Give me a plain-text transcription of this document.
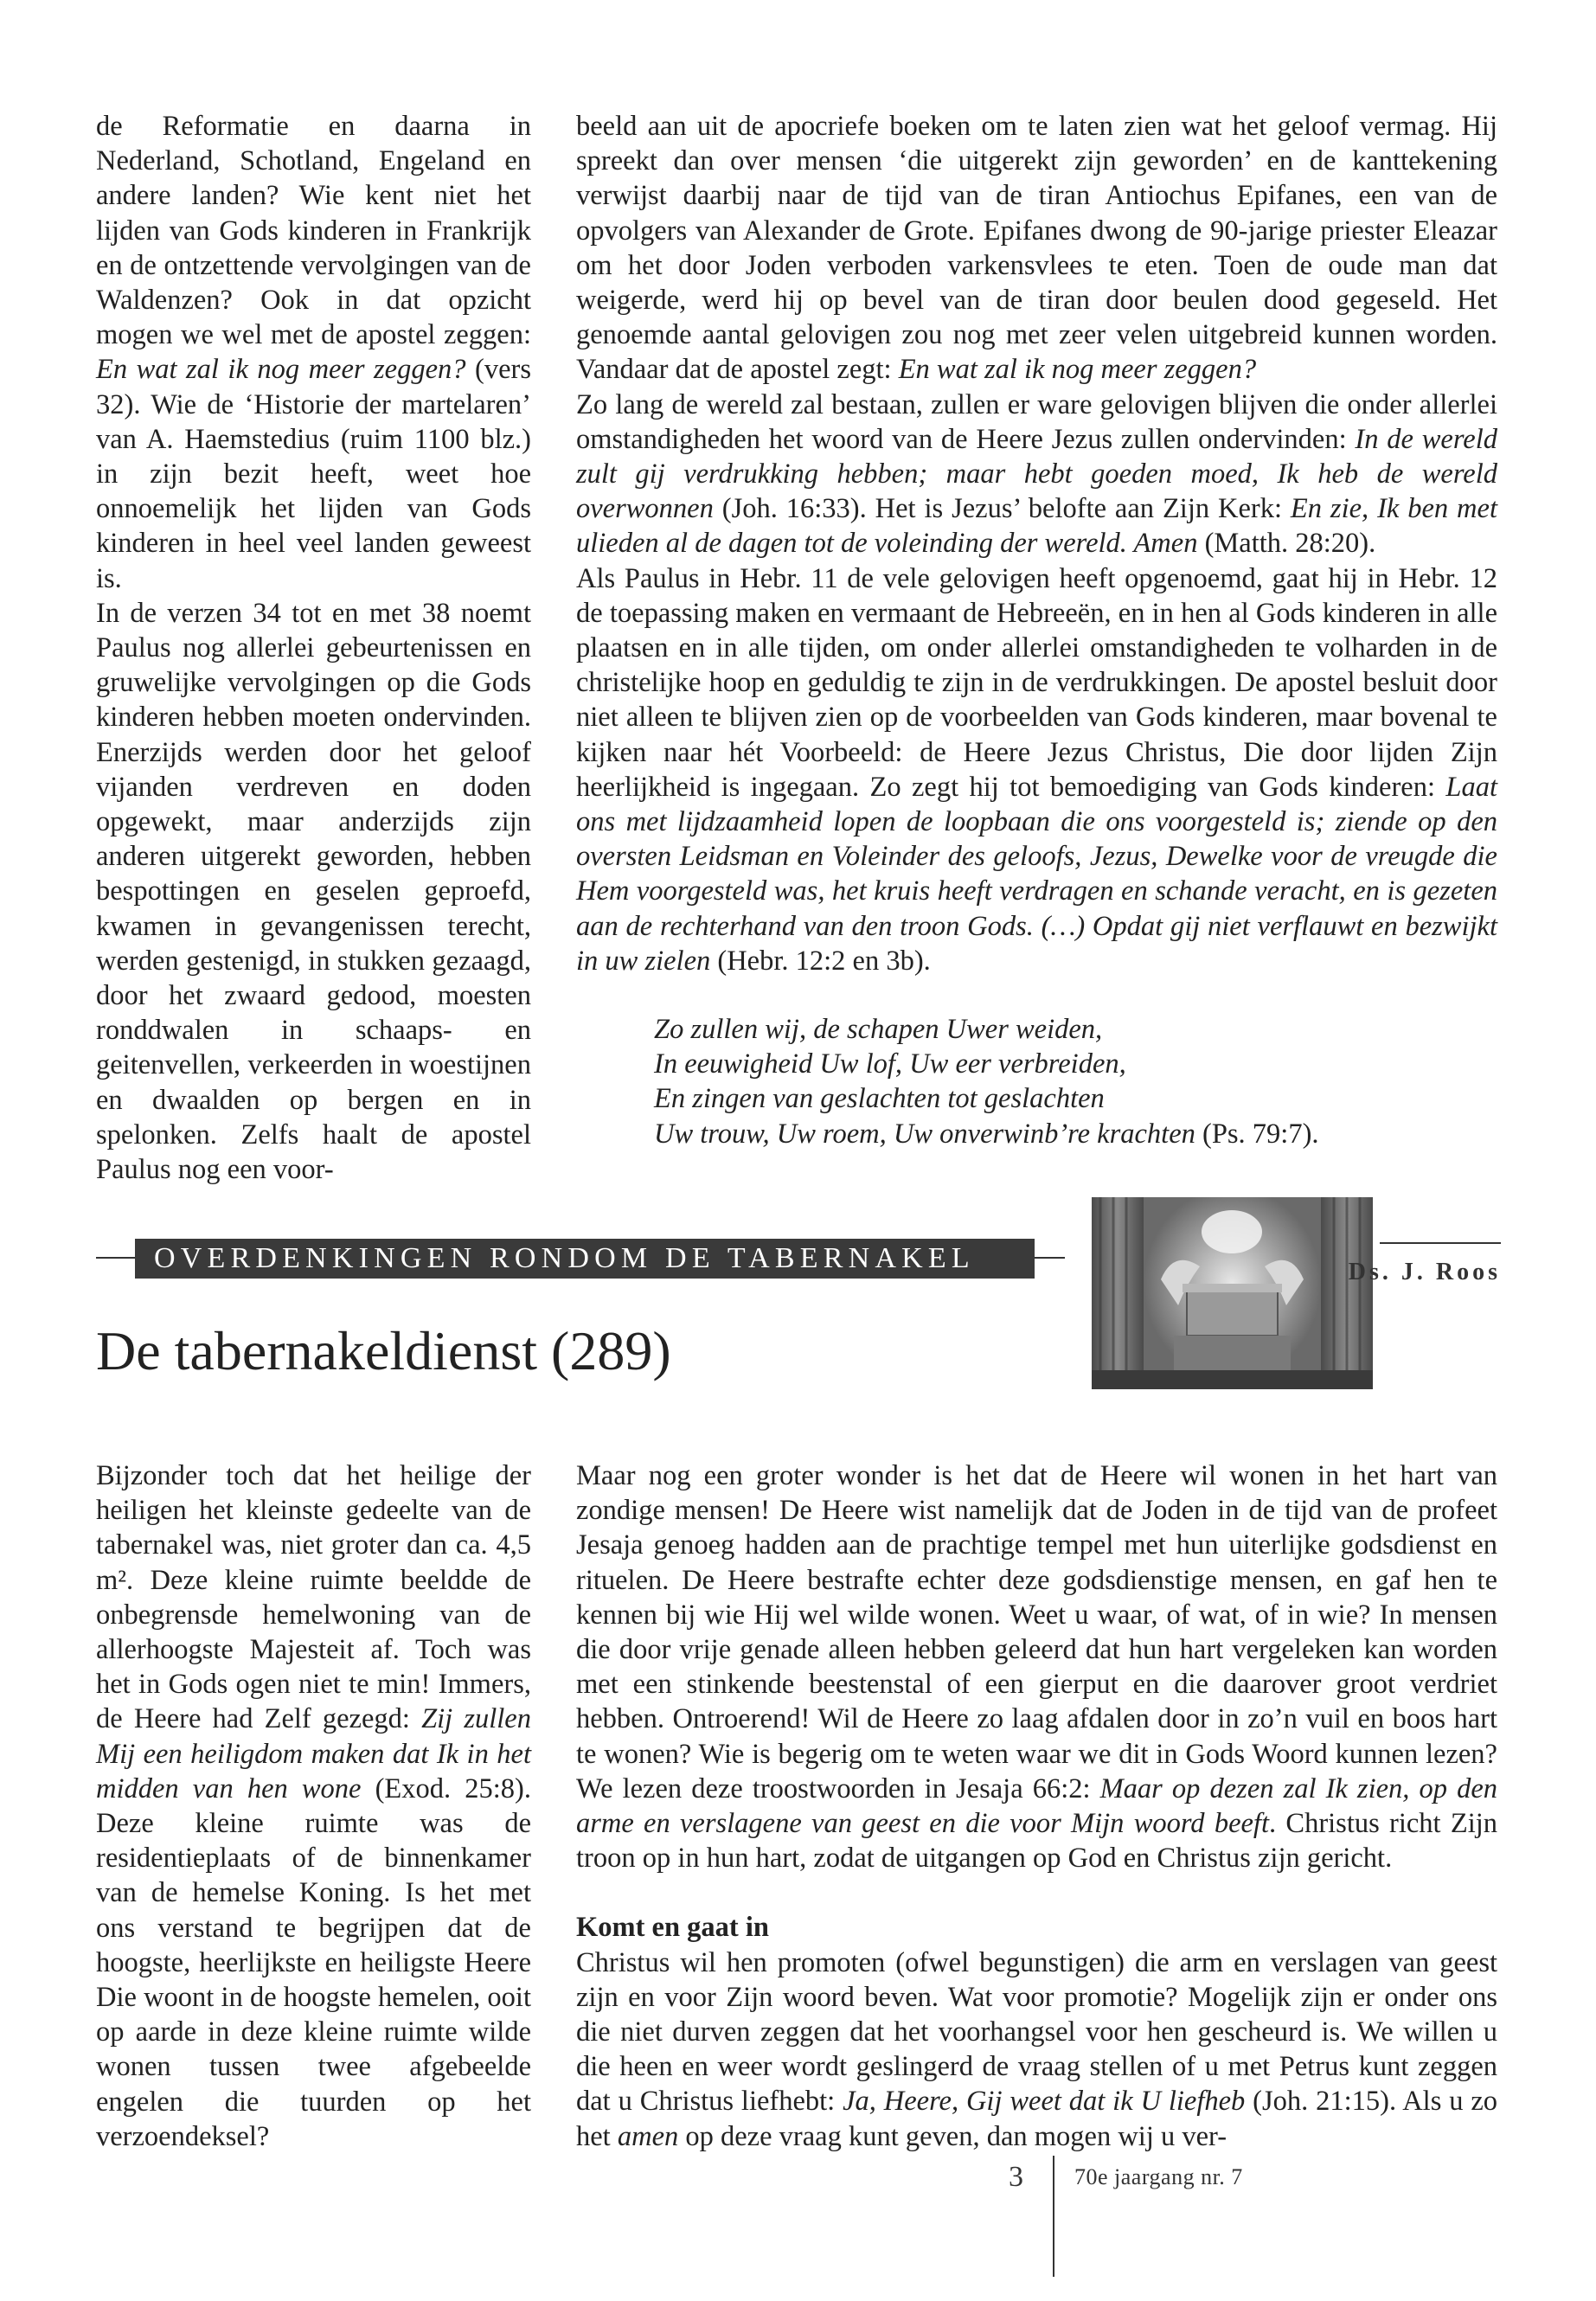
de Reformatie en daarna in Nederland, Schotland, Engeland en andere landen? Wie kent niet het lijden van Gods kinderen in Frankrijk en de ontzettende vervolgingen van de Waldenzen? Ook in dat opzicht mogen we wel met de apostel zeggen: En wat zal ik nog meer zeggen? (vers 32). Wie de ‘Historie der martelaren’ van A. Haemstedius (ruim 1100 blz.) in zijn bezit heeft, weet hoe onnoemelijk het lijden van Gods kinderen in heel veel landen geweest is.

In de verzen 34 tot en met 38 noemt Paulus nog allerlei gebeurtenissen en gruwelijke vervolgingen op die Gods kinderen hebben moeten ondervinden. Enerzijds werden door het geloof vijanden verdreven en doden opgewekt, maar anderzijds zijn anderen uitgerekt geworden, hebben bespottingen en geselen geproefd, kwamen in gevangenissen terecht, werden gestenigd, in stukken gezaagd, door het zwaard gedood, moesten ronddwalen in schaaps- en geitenvellen, verkeerden in woestijnen en dwaalden op bergen en in spelonken. Zelfs haalt de apostel Paulus nog een voor-

beeld aan uit de apocriefe boeken om te laten zien wat het geloof vermag. Hij spreekt dan over mensen ‘die uitgerekt zijn geworden’ en de kanttekening verwijst daarbij naar de tijd van de tiran Antiochus Epifanes, een van de opvolgers van Alexander de Grote. Epifanes dwong de 90-jarige priester Eleazar om het door Joden verboden varkensvlees te eten. Toen de oude man dat weigerde, werd hij op bevel van de tiran door beulen dood gegeseld. Het genoemde aantal gelovigen zou nog met zeer velen uitgebreid kunnen worden. Vandaar dat de apostel zegt: En wat zal ik nog meer zeggen?

Zo lang de wereld zal bestaan, zullen er ware gelovigen blijven die onder allerlei omstandigheden het woord van de Heere Jezus zullen ondervinden: In de wereld zult gij verdrukking hebben; maar hebt goeden moed, Ik heb de wereld overwonnen (Joh. 16:33). Het is Jezus’ belofte aan Zijn Kerk: En zie, Ik ben met ulieden al de dagen tot de voleinding der wereld. Amen (Matth. 28:20).

Als Paulus in Hebr. 11 de vele gelovigen heeft opgenoemd, gaat hij in Hebr. 12 de toepassing maken en vermaant de Hebreeën, en in hen al Gods kinderen in alle plaatsen en in alle tijden, om onder allerlei omstandigheden te volharden in de christelijke hoop en geduldig te zijn in de verdrukkingen. De apostel besluit door niet alleen te blijven zien op de voorbeelden van Gods kinderen, maar bovenal te kijken naar hét Voorbeeld: de Heere Jezus Christus, Die door lijden Zijn heerlijkheid is ingegaan. Zo zegt hij tot bemoediging van Gods kinderen: Laat ons met lijdzaamheid lopen de loopbaan die ons voorgesteld is; ziende op den oversten Leidsman en Voleinder des geloofs, Jezus, Dewelke voor de vreugde die Hem voorgesteld was, het kruis heeft verdragen en schande veracht, en is gezeten aan de rechterhand van den troon Gods. (…) Opdat gij niet verflauwt en bezwijkt in uw zielen (Hebr. 12:2 en 3b).

Zo zullen wij, de schapen Uwer weiden,

In eeuwigheid Uw lof, Uw eer verbreiden,

En zingen van geslachten tot geslachten

Uw trouw, Uw roem, Uw onverwinb’re krachten (Ps. 79:7).

OVERDENKINGEN RONDOM DE TABERNAKEL	Ds. J. Roos
De tabernakeldienst (289)

Bijzonder toch dat het heilige der heiligen het kleinste gedeelte van de tabernakel was, niet groter dan ca. 4,5 m². Deze kleine ruimte beeldde de onbegrensde hemelwoning van de allerhoogste Majesteit af. Toch was het in Gods ogen niet te min! Immers, de Heere had Zelf gezegd: Zij zullen Mij een heiligdom maken dat Ik in het midden van hen wone (Exod. 25:8). Deze kleine ruimte was de residentieplaats of de binnenkamer van de hemelse Koning. Is het met ons verstand te begrijpen dat de hoogste, heerlijkste en heiligste Heere Die woont in de hoogste hemelen, ooit op aarde in deze kleine ruimte wilde wonen tussen twee afgebeelde engelen die tuurden op het verzoendeksel?

Maar nog een groter wonder is het dat de Heere wil wonen in het hart van zondige mensen! De Heere wist namelijk dat de Joden in de tijd van de profeet Jesaja genoeg hadden aan de prachtige tempel met hun uiterlijke godsdienst en rituelen. De Heere bestrafte echter deze godsdienstige mensen, en gaf hen te kennen bij wie Hij wel wilde wonen. Weet u waar, of wat, of in wie? In mensen die door vrije genade alleen hebben geleerd dat hun hart vergeleken kan worden met een stinkende beestenstal of een gierput en die daarover groot verdriet hebben. Ontroerend! Wil de Heere zo laag afdalen door in zo’n vuil en boos hart te wonen? Wie is begerig om te weten waar we dit in Gods Woord kunnen lezen? We lezen deze troostwoorden in Jesaja 66:2: Maar op dezen zal Ik zien, op den arme en verslagene van geest en die voor Mijn woord beeft. Christus richt Zijn troon op in hun hart, zodat de uitgangen op God en Christus zijn gericht.

Komt en gaat in

Christus wil hen promoten (ofwel begunstigen) die arm en verslagen van geest zijn en voor Zijn woord beven. Wat voor promotie? Mogelijk zijn er onder ons die niet durven zeggen dat het voorhangsel voor hen gescheurd is. We willen u die heen en weer wordt geslingerd de vraag stellen of u met Petrus kunt zeggen dat u Christus liefhebt: Ja, Heere, Gij weet dat ik U liefheb (Joh. 21:15). Als u zo het amen op deze vraag kunt geven, dan mogen wij u ver-

3 70e jaargang nr. 7
